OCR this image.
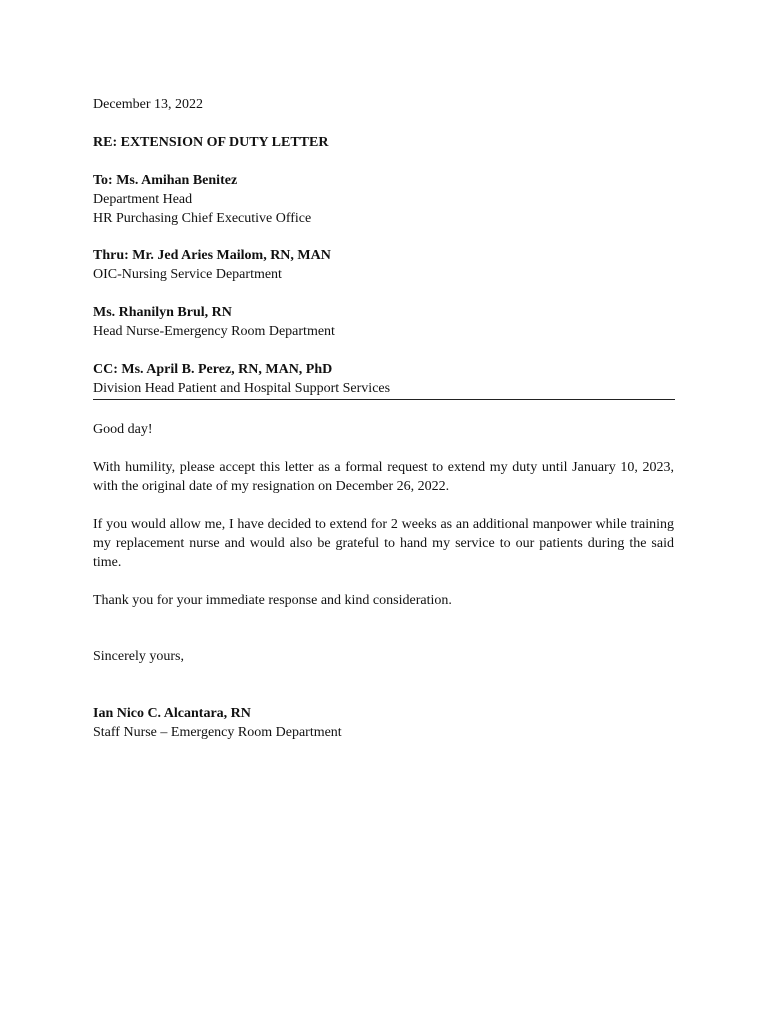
December 13, 2022
RE: EXTENSION OF DUTY LETTER
To: Ms. Amihan Benitez
Department Head
HR Purchasing Chief Executive Office
Thru: Mr. Jed Aries Mailom, RN, MAN
OIC-Nursing Service Department
Ms. Rhanilyn Brul, RN
Head Nurse-Emergency Room Department
CC: Ms. April B. Perez, RN, MAN, PhD
Division Head Patient and Hospital Support Services
Good day!
With humility, please accept this letter as a formal request to extend my duty until January 10, 2023, with the original date of my resignation on December 26, 2022.
If you would allow me, I have decided to extend for 2 weeks as an additional manpower while training my replacement nurse and would also be grateful to hand my service to our patients during the said time.
Thank you for your immediate response and kind consideration.
Sincerely yours,
Ian Nico C. Alcantara, RN
Staff Nurse – Emergency Room Department
